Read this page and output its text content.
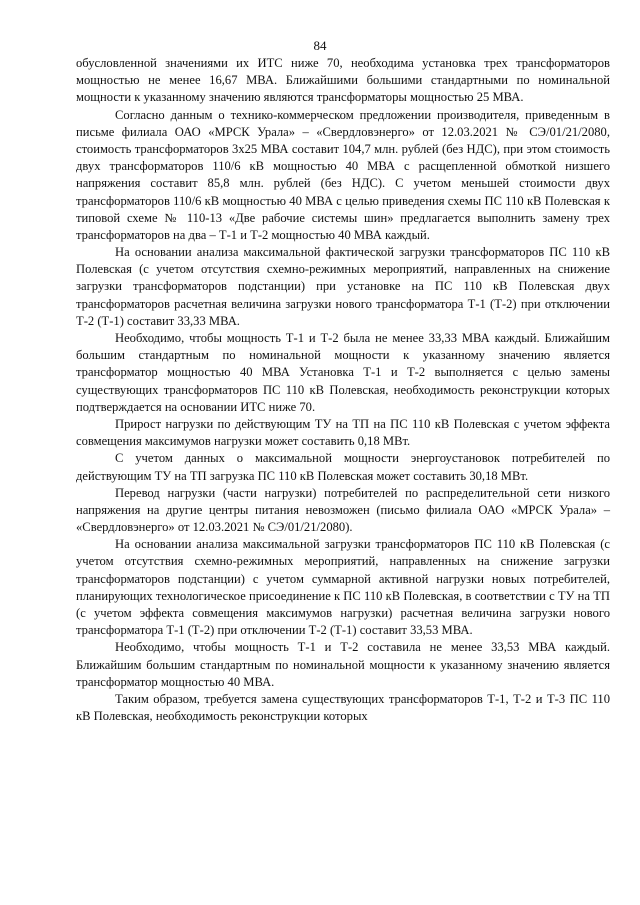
84

обусловленной значениями их ИТС ниже 70, необходима установка трех трансформаторов мощностью не менее 16,67 МВА. Ближайшими большими стандартными по номинальной мощности к указанному значению являются трансформаторы мощностью 25 МВА.

Согласно данным о технико-коммерческом предложении производителя, приведенным в письме филиала ОАО «МРСК Урала» – «Свердловэнерго» от 12.03.2021 № СЭ/01/21/2080, стоимость трансформаторов 3х25 МВА составит 104,7 млн. рублей (без НДС), при этом стоимость двух трансформаторов 110/6 кВ мощностью 40 МВА с расщепленной обмоткой низшего напряжения составит 85,8 млн. рублей (без НДС). С учетом меньшей стоимости двух трансформаторов 110/6 кВ мощностью 40 МВА с целью приведения схемы ПС 110 кВ Полевская к типовой схеме № 110-13 «Две рабочие системы шин» предлагается выполнить замену трех трансформаторов на два – Т-1 и Т-2 мощностью 40 МВА каждый.

На основании анализа максимальной фактической загрузки трансформаторов ПС 110 кВ Полевская (с учетом отсутствия схемно-режимных мероприятий, направленных на снижение загрузки трансформаторов подстанции) при установке на ПС 110 кВ Полевская двух трансформаторов расчетная величина загрузки нового трансформатора Т-1 (Т-2) при отключении Т-2 (Т-1) составит 33,33 МВА.

Необходимо, чтобы мощность Т-1 и Т-2 была не менее 33,33 МВА каждый. Ближайшим большим стандартным по номинальной мощности к указанному значению является трансформатор мощностью 40 МВА Установка Т-1 и Т-2 выполняется с целью замены существующих трансформаторов ПС 110 кВ Полевская, необходимость реконструкции которых подтверждается на основании ИТС ниже 70.

Прирост нагрузки по действующим ТУ на ТП на ПС 110 кВ Полевская с учетом эффекта совмещения максимумов нагрузки может составить 0,18 МВт.

С учетом данных о максимальной мощности энергоустановок потребителей по действующим ТУ на ТП загрузка ПС 110 кВ Полевская может составить 30,18 МВт.

Перевод нагрузки (части нагрузки) потребителей по распределительной сети низкого напряжения на другие центры питания невозможен (письмо филиала ОАО «МРСК Урала» – «Свердловэнерго» от 12.03.2021 № СЭ/01/21/2080).

На основании анализа максимальной загрузки трансформаторов ПС 110 кВ Полевская (с учетом отсутствия схемно-режимных мероприятий, направленных на снижение загрузки трансформаторов подстанции) с учетом суммарной активной нагрузки новых потребителей, планирующих технологическое присоединение к ПС 110 кВ Полевская, в соответствии с ТУ на ТП (с учетом эффекта совмещения максимумов нагрузки) расчетная величина загрузки нового трансформатора Т-1 (Т-2) при отключении Т-2 (Т-1) составит 33,53 МВА.

Необходимо, чтобы мощность Т-1 и Т-2 составила не менее 33,53 МВА каждый. Ближайшим большим стандартным по номинальной мощности к указанному значению является трансформатор мощностью 40 МВА.

Таким образом, требуется замена существующих трансформаторов Т-1, Т-2 и Т-3 ПС 110 кВ Полевская, необходимость реконструкции которых
